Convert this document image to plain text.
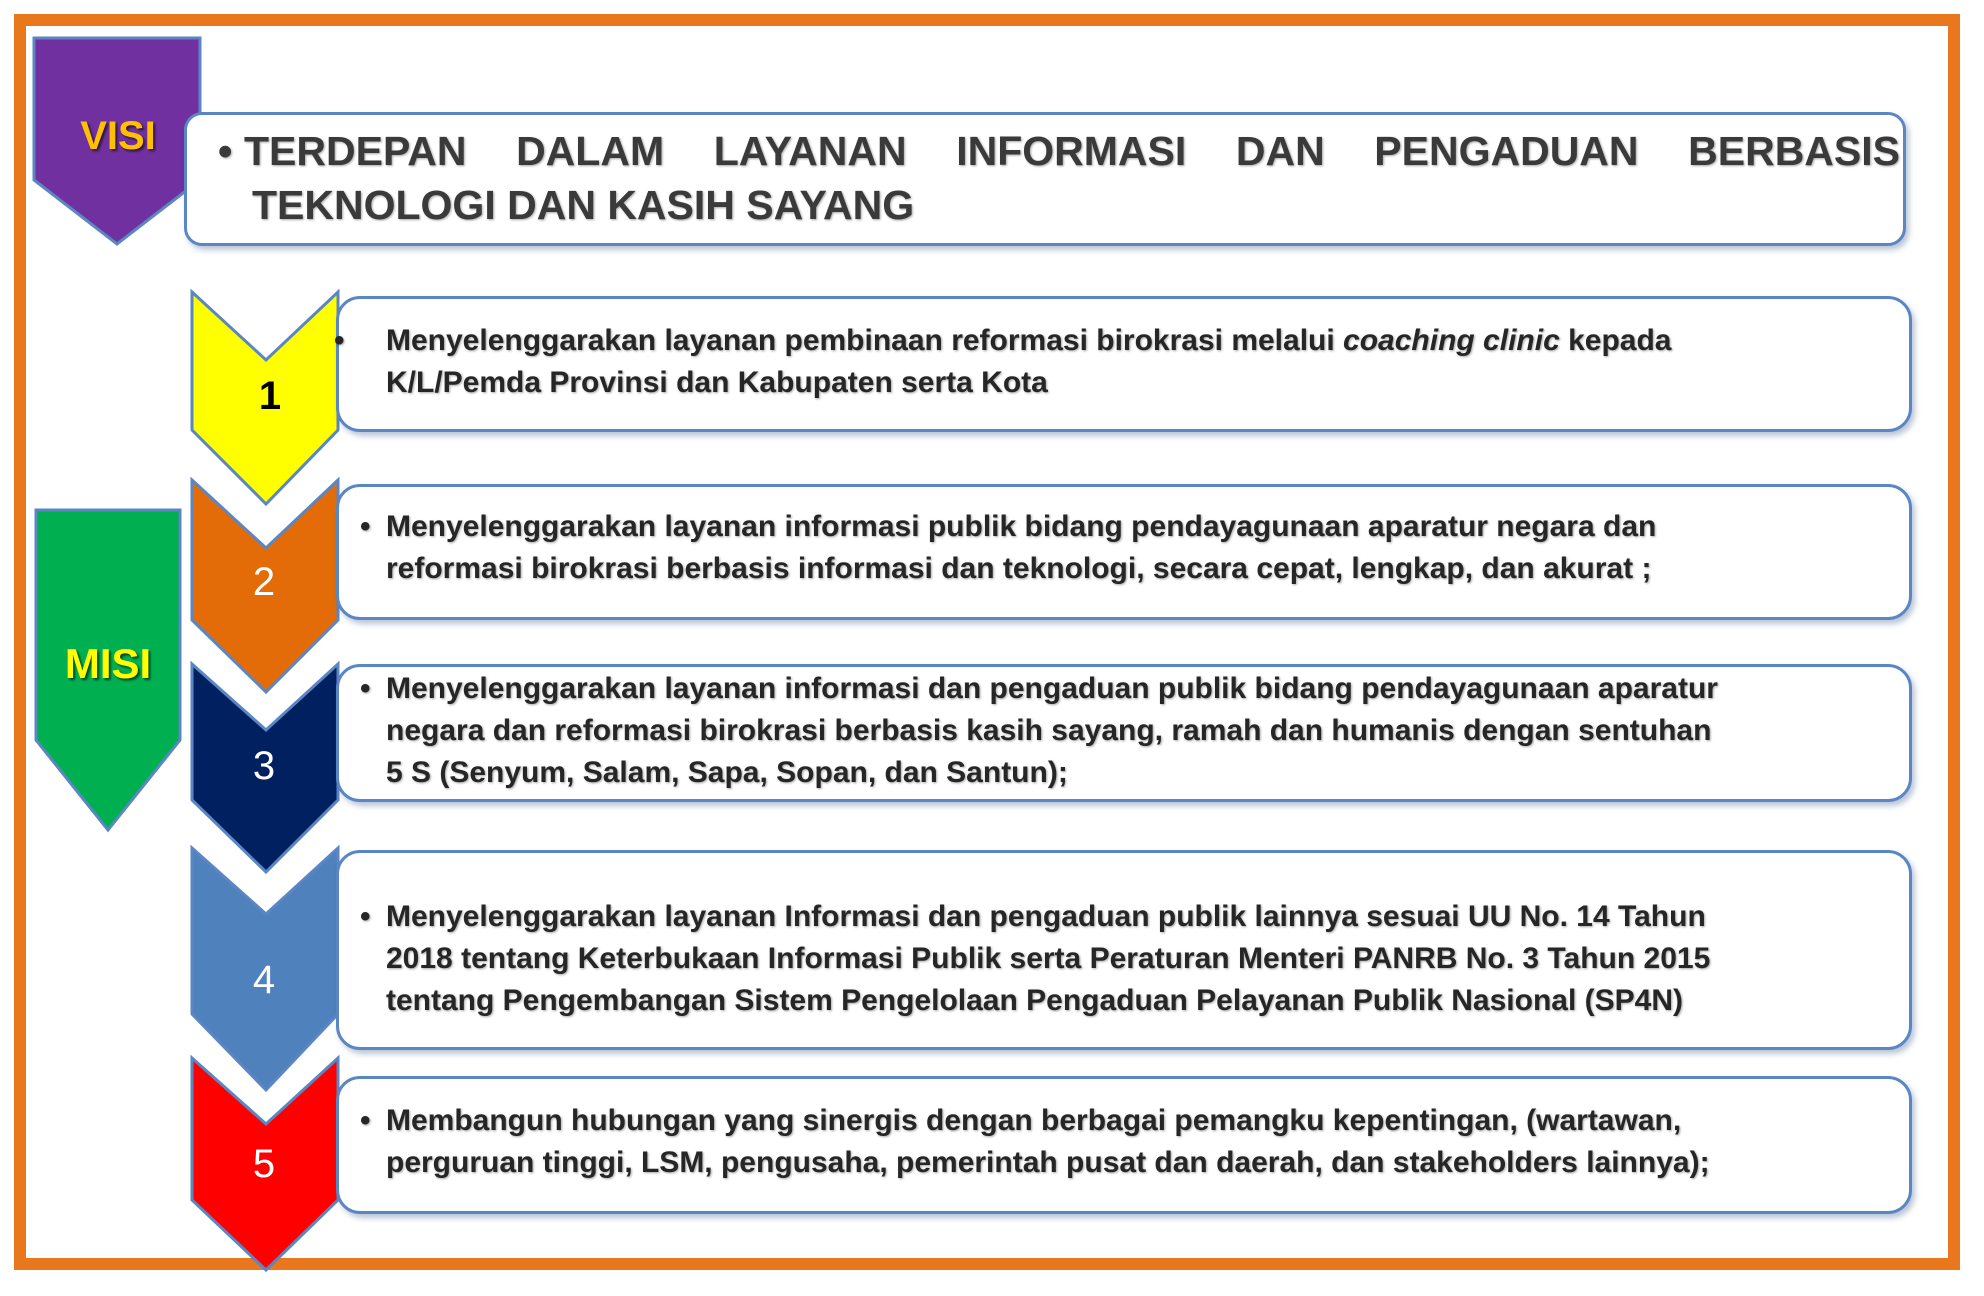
VISI
MISI
1
2
3
4
5
• TERDEPAN DALAM LAYANAN INFORMASI DAN PENGADUAN BERBASIS
TEKNOLOGI DAN KASIH SAYANG
• Menyelenggarakan layanan pembinaan reformasi birokrasi melalui coaching clinic kepada
K/L/Pemda Provinsi dan Kabupaten serta Kota
• Menyelenggarakan layanan informasi publik bidang pendayagunaan aparatur negara dan
reformasi birokrasi berbasis informasi dan teknologi, secara cepat, lengkap, dan akurat ;
• Menyelenggarakan layanan informasi dan pengaduan publik bidang pendayagunaan aparatur
negara dan reformasi birokrasi berbasis kasih sayang, ramah dan humanis dengan sentuhan
5 S (Senyum, Salam, Sapa, Sopan, dan Santun);
• Menyelenggarakan layanan Informasi dan pengaduan publik lainnya sesuai UU No. 14 Tahun
2018 tentang Keterbukaan Informasi Publik serta Peraturan Menteri PANRB No. 3 Tahun 2015
tentang Pengembangan Sistem Pengelolaan Pengaduan Pelayanan Publik Nasional (SP4N)
• Membangun hubungan yang sinergis dengan berbagai pemangku kepentingan, (wartawan,
perguruan tinggi, LSM, pengusaha, pemerintah pusat dan daerah, dan stakeholders lainnya);
